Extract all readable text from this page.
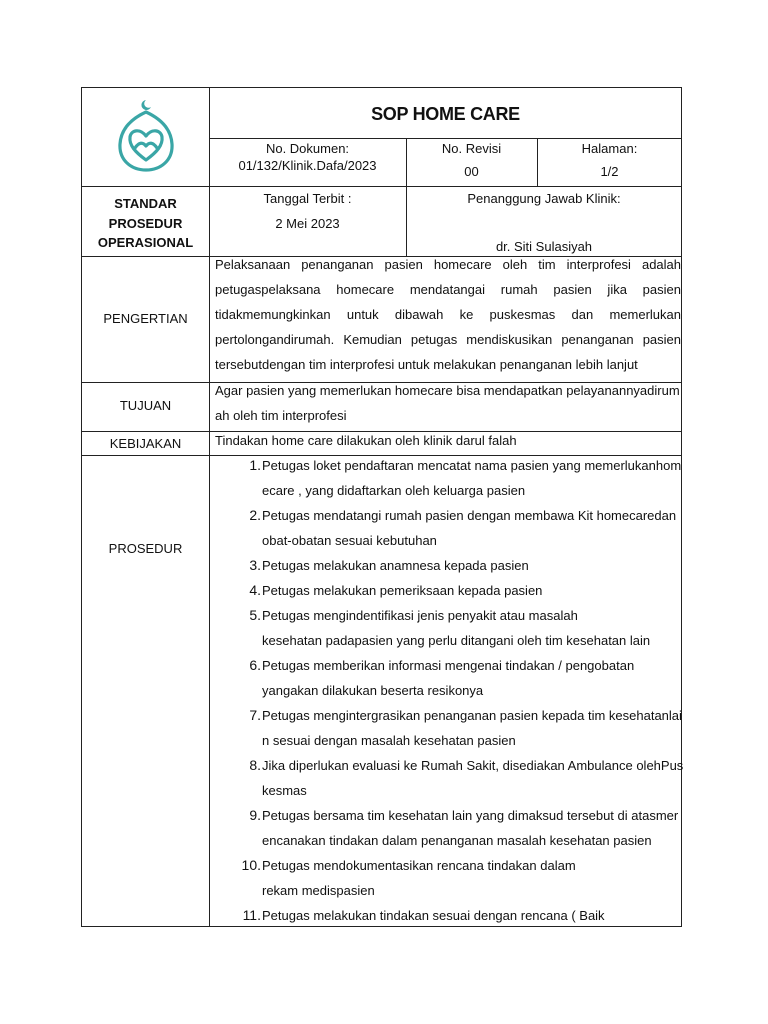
SOP HOME CARE
No. Dokumen:
01/132/Klinik.Dafa/2023
No. Revisi
00
Halaman:
1/2
STANDAR
PROSEDUR
OPERASIONAL
Tanggal Terbit :
2 Mei 2023
Penanggung Jawab Klinik:
dr. Siti Sulasiyah
PENGERTIAN
Pelaksanaan penanganan pasien homecare oleh tim interprofesi adalah
petugaspelaksana homecare mendatangai rumah pasien jika pasien
tidakmemungkinkan untuk dibawah ke puskesmas dan memerlukan
pertolongandirumah. Kemudian petugas mendiskusikan penanganan pasien
tersebutdengan tim interprofesi untuk melakukan penanganan lebih lanjut
TUJUAN
Agar pasien yang memerlukan homecare bisa mendapatkan pelayanannyadirum
ah oleh tim interprofesi
KEBIJAKAN	Tindakan home care dilakukan oleh klinik darul falah
PROSEDUR
1. Petugas loket pendaftaran mencatat nama pasien yang memerlukanhom
ecare , yang didaftarkan oleh keluarga pasien
2. Petugas mendatangi rumah pasien dengan membawa Kit homecaredan
obat-obatan sesuai kebutuhan
3. Petugas melakukan anamnesa kepada pasien
4. Petugas melakukan pemeriksaan kepada pasien
5. Petugas mengindentifikasi jenis penyakit atau masalah
kesehatan padapasien yang perlu ditangani oleh tim kesehatan lain
6. Petugas memberikan informasi mengenai tindakan / pengobatan
yangakan dilakukan beserta resikonya
7. Petugas mengintergrasikan penanganan pasien kepada tim kesehatanlai
n sesuai dengan masalah kesehatan pasien
8. Jika diperlukan evaluasi ke Rumah Sakit, disediakan Ambulance olehPus
kesmas
9. Petugas bersama tim kesehatan lain yang dimaksud tersebut di atasmer
encanakan tindakan dalam penanganan masalah kesehatan pasien
10. Petugas mendokumentasikan rencana tindakan dalam
rekam medispasien
11. Petugas melakukan tindakan sesuai dengan rencana ( Baik
